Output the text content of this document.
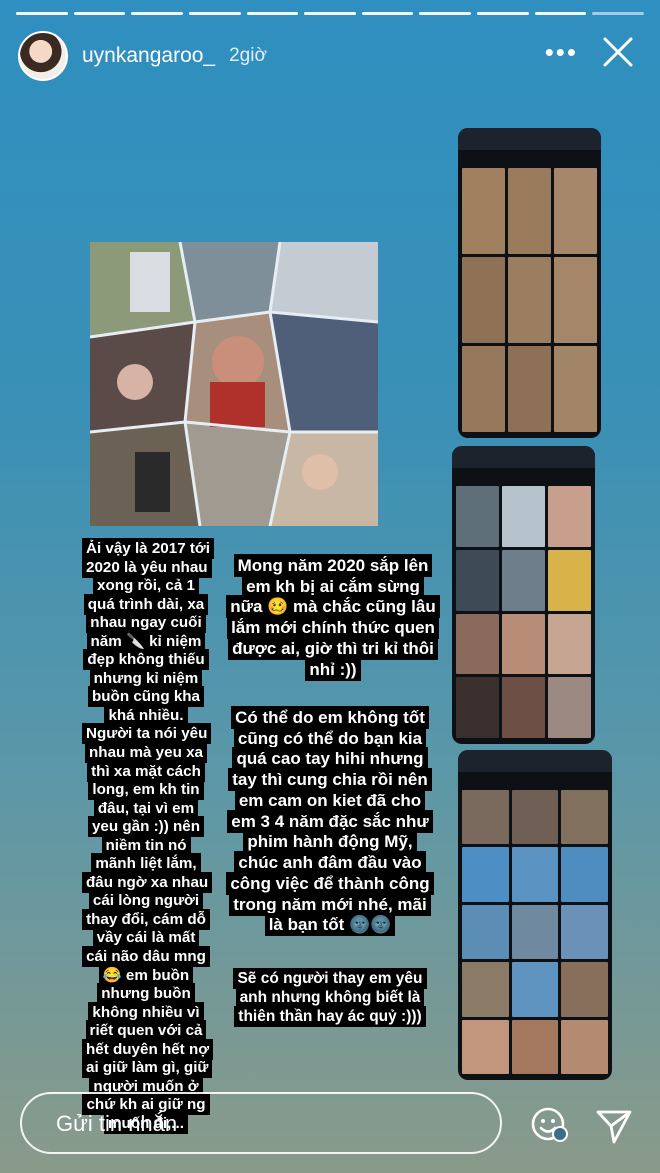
uynkangaroo_ 2giờ	•••
Ải vậy là 2017 tới 2020 là yêu nhau xong rồi, cả 1 quá trình dài, xa nhau ngay cuối năm 🔪 kỉ niệm đẹp không thiếu nhưng kỉ niệm buồn cũng kha khá nhiều. Người ta nói yêu nhau mà yeu xa thì xa mặt cách long, em kh tin đâu, tại vì em yeu gần :)) nên niềm tin nó mãnh liệt lắm, đâu ngờ xa nhau cái lòng người thay đổi, cám dỗ vầy cái là mất cái não dâu mng 😂 em buồn nhưng buồn không nhiều vì riết quen với cả hết duyên hết nợ ai giữ làm gì, giữ người muốn ở chứ kh ai giữ ng muốn đi,...
Mong năm 2020 sắp lên em kh bị ai cắm sừng nữa 🥴 mà chắc cũng lâu lắm mới chính thức quen được ai, giờ thì tri kỉ thôi nhỉ :))
Có thể do em không tốt cũng có thể do bạn kia quá cao tay hihi nhưng tay thì cung chia rồi nên em cam on kiet đã cho em 3 4 năm đặc sắc như phim hành động Mỹ, chúc anh đâm đầu vào công việc để thành công trong năm mới nhé, mãi là bạn tốt 🌚🌚
Sẽ có người thay em yêu anh nhưng không biết là thiên thần hay ác quỷ :)))
Gửi tin nhắn
